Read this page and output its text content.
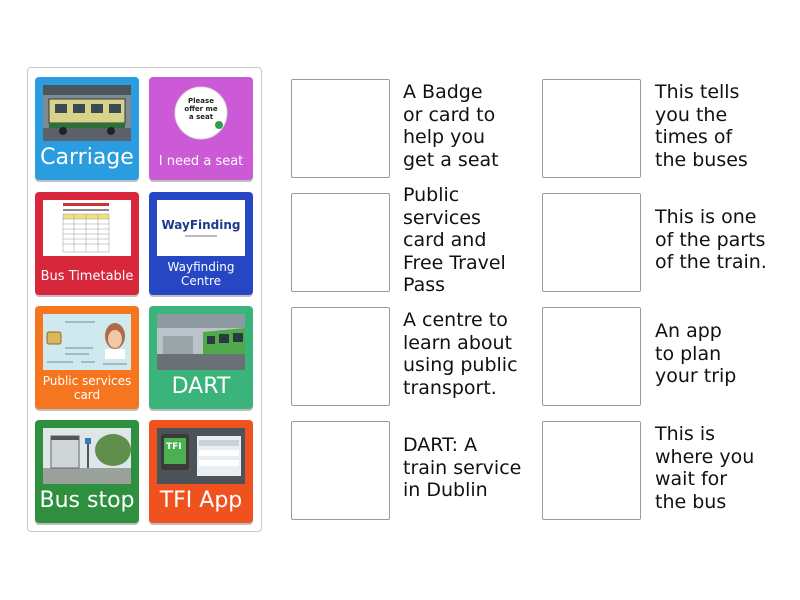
Carriage
Please offer me a seat
I need a seat
Bus Timetable
WayFinding
Wayfinding Centre
Public services card	DART
Bus stop
TFI
TFI App
A Badge
or card to
help you
get a seat
This tells
you the
times of
the buses
Public
services
card and
Free Travel
Pass
This is one
of the parts
of the train.
A centre to
learn about
using public
transport.
An app
to plan
your trip
DART: A
train service
in Dublin
This is
where you
wait for
the bus
